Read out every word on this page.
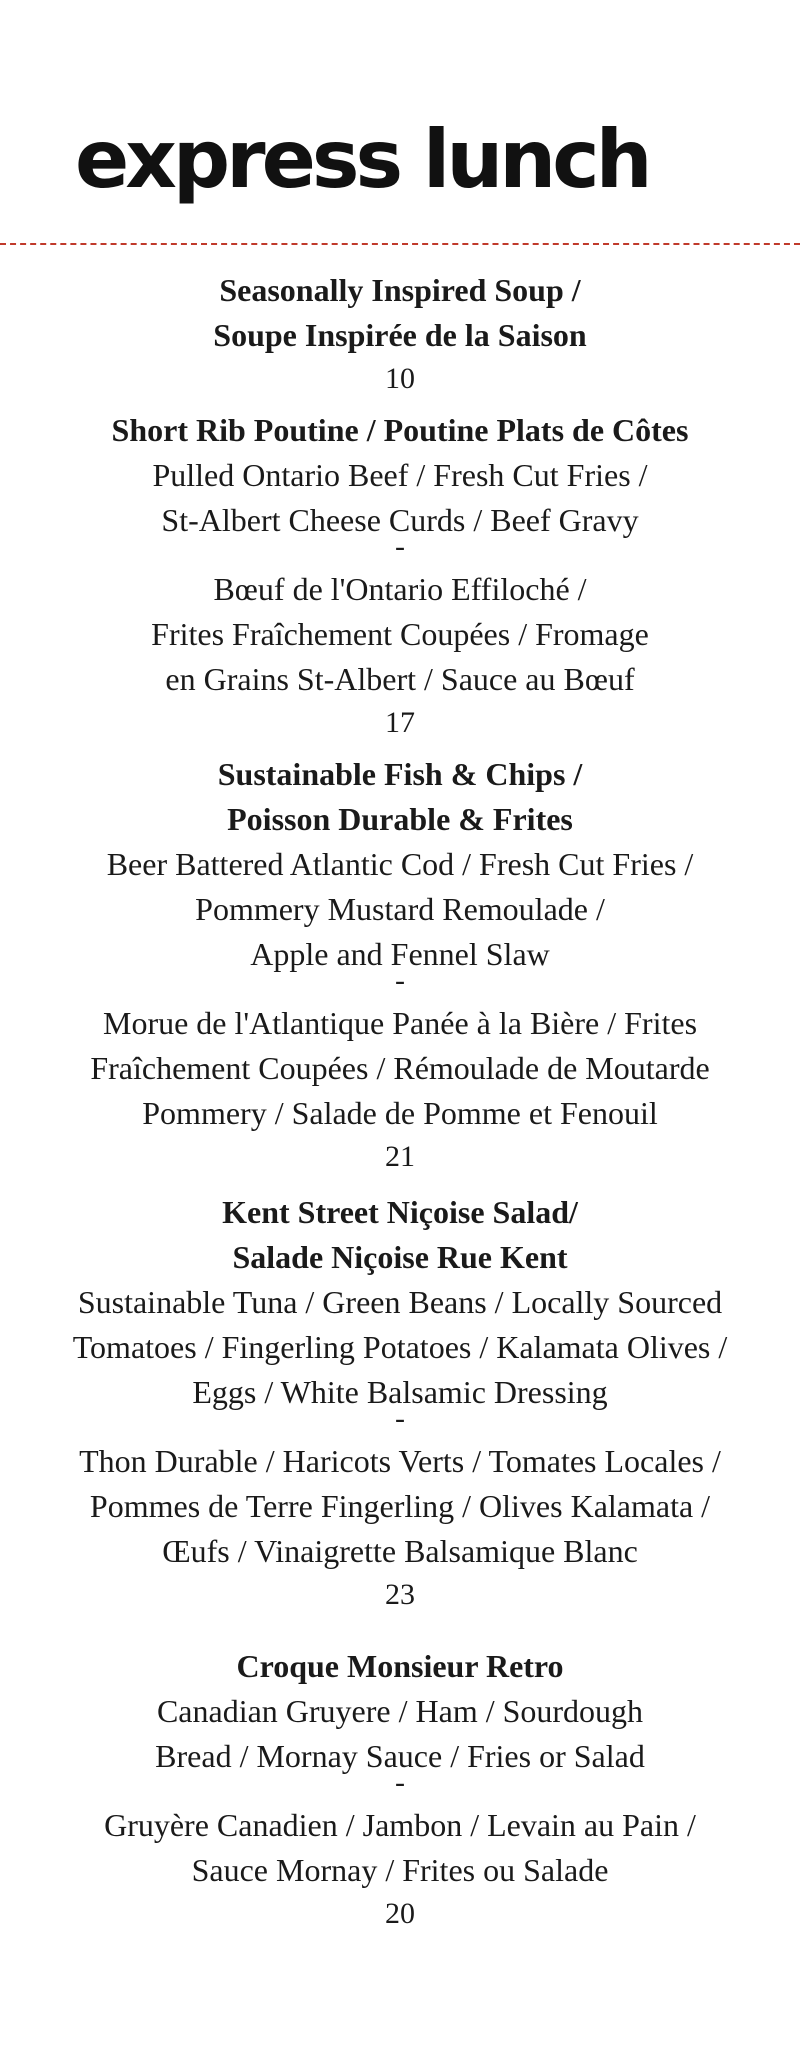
express lunch
Seasonally Inspired Soup /
Soupe Inspirée de la Saison
10
Short Rib Poutine / Poutine Plats de Côtes
Pulled Ontario Beef / Fresh Cut Fries /
St-Albert Cheese Curds / Beef Gravy
-
Bœuf de l'Ontario Effiloché /
Frites Fraîchement Coupées / Fromage
en Grains St-Albert / Sauce au Bœuf
17
Sustainable Fish & Chips /
Poisson Durable & Frites
Beer Battered Atlantic Cod / Fresh Cut Fries /
Pommery Mustard Remoulade /
Apple and Fennel Slaw
-
Morue de l'Atlantique Panée à la Bière / Frites
Fraîchement Coupées / Rémoulade de Moutarde
Pommery / Salade de Pomme et Fenouil
21
Kent Street Niçoise Salad/
Salade Niçoise Rue Kent
Sustainable Tuna / Green Beans / Locally Sourced
Tomatoes / Fingerling Potatoes / Kalamata Olives /
Eggs / White Balsamic Dressing
-
Thon Durable / Haricots Verts / Tomates Locales /
Pommes de Terre Fingerling / Olives Kalamata /
Œufs / Vinaigrette Balsamique Blanc
23
Croque Monsieur Retro
Canadian Gruyere / Ham / Sourdough
Bread / Mornay Sauce / Fries or Salad
-
Gruyère Canadien / Jambon / Levain au Pain /
Sauce Mornay / Frites ou Salade
20
